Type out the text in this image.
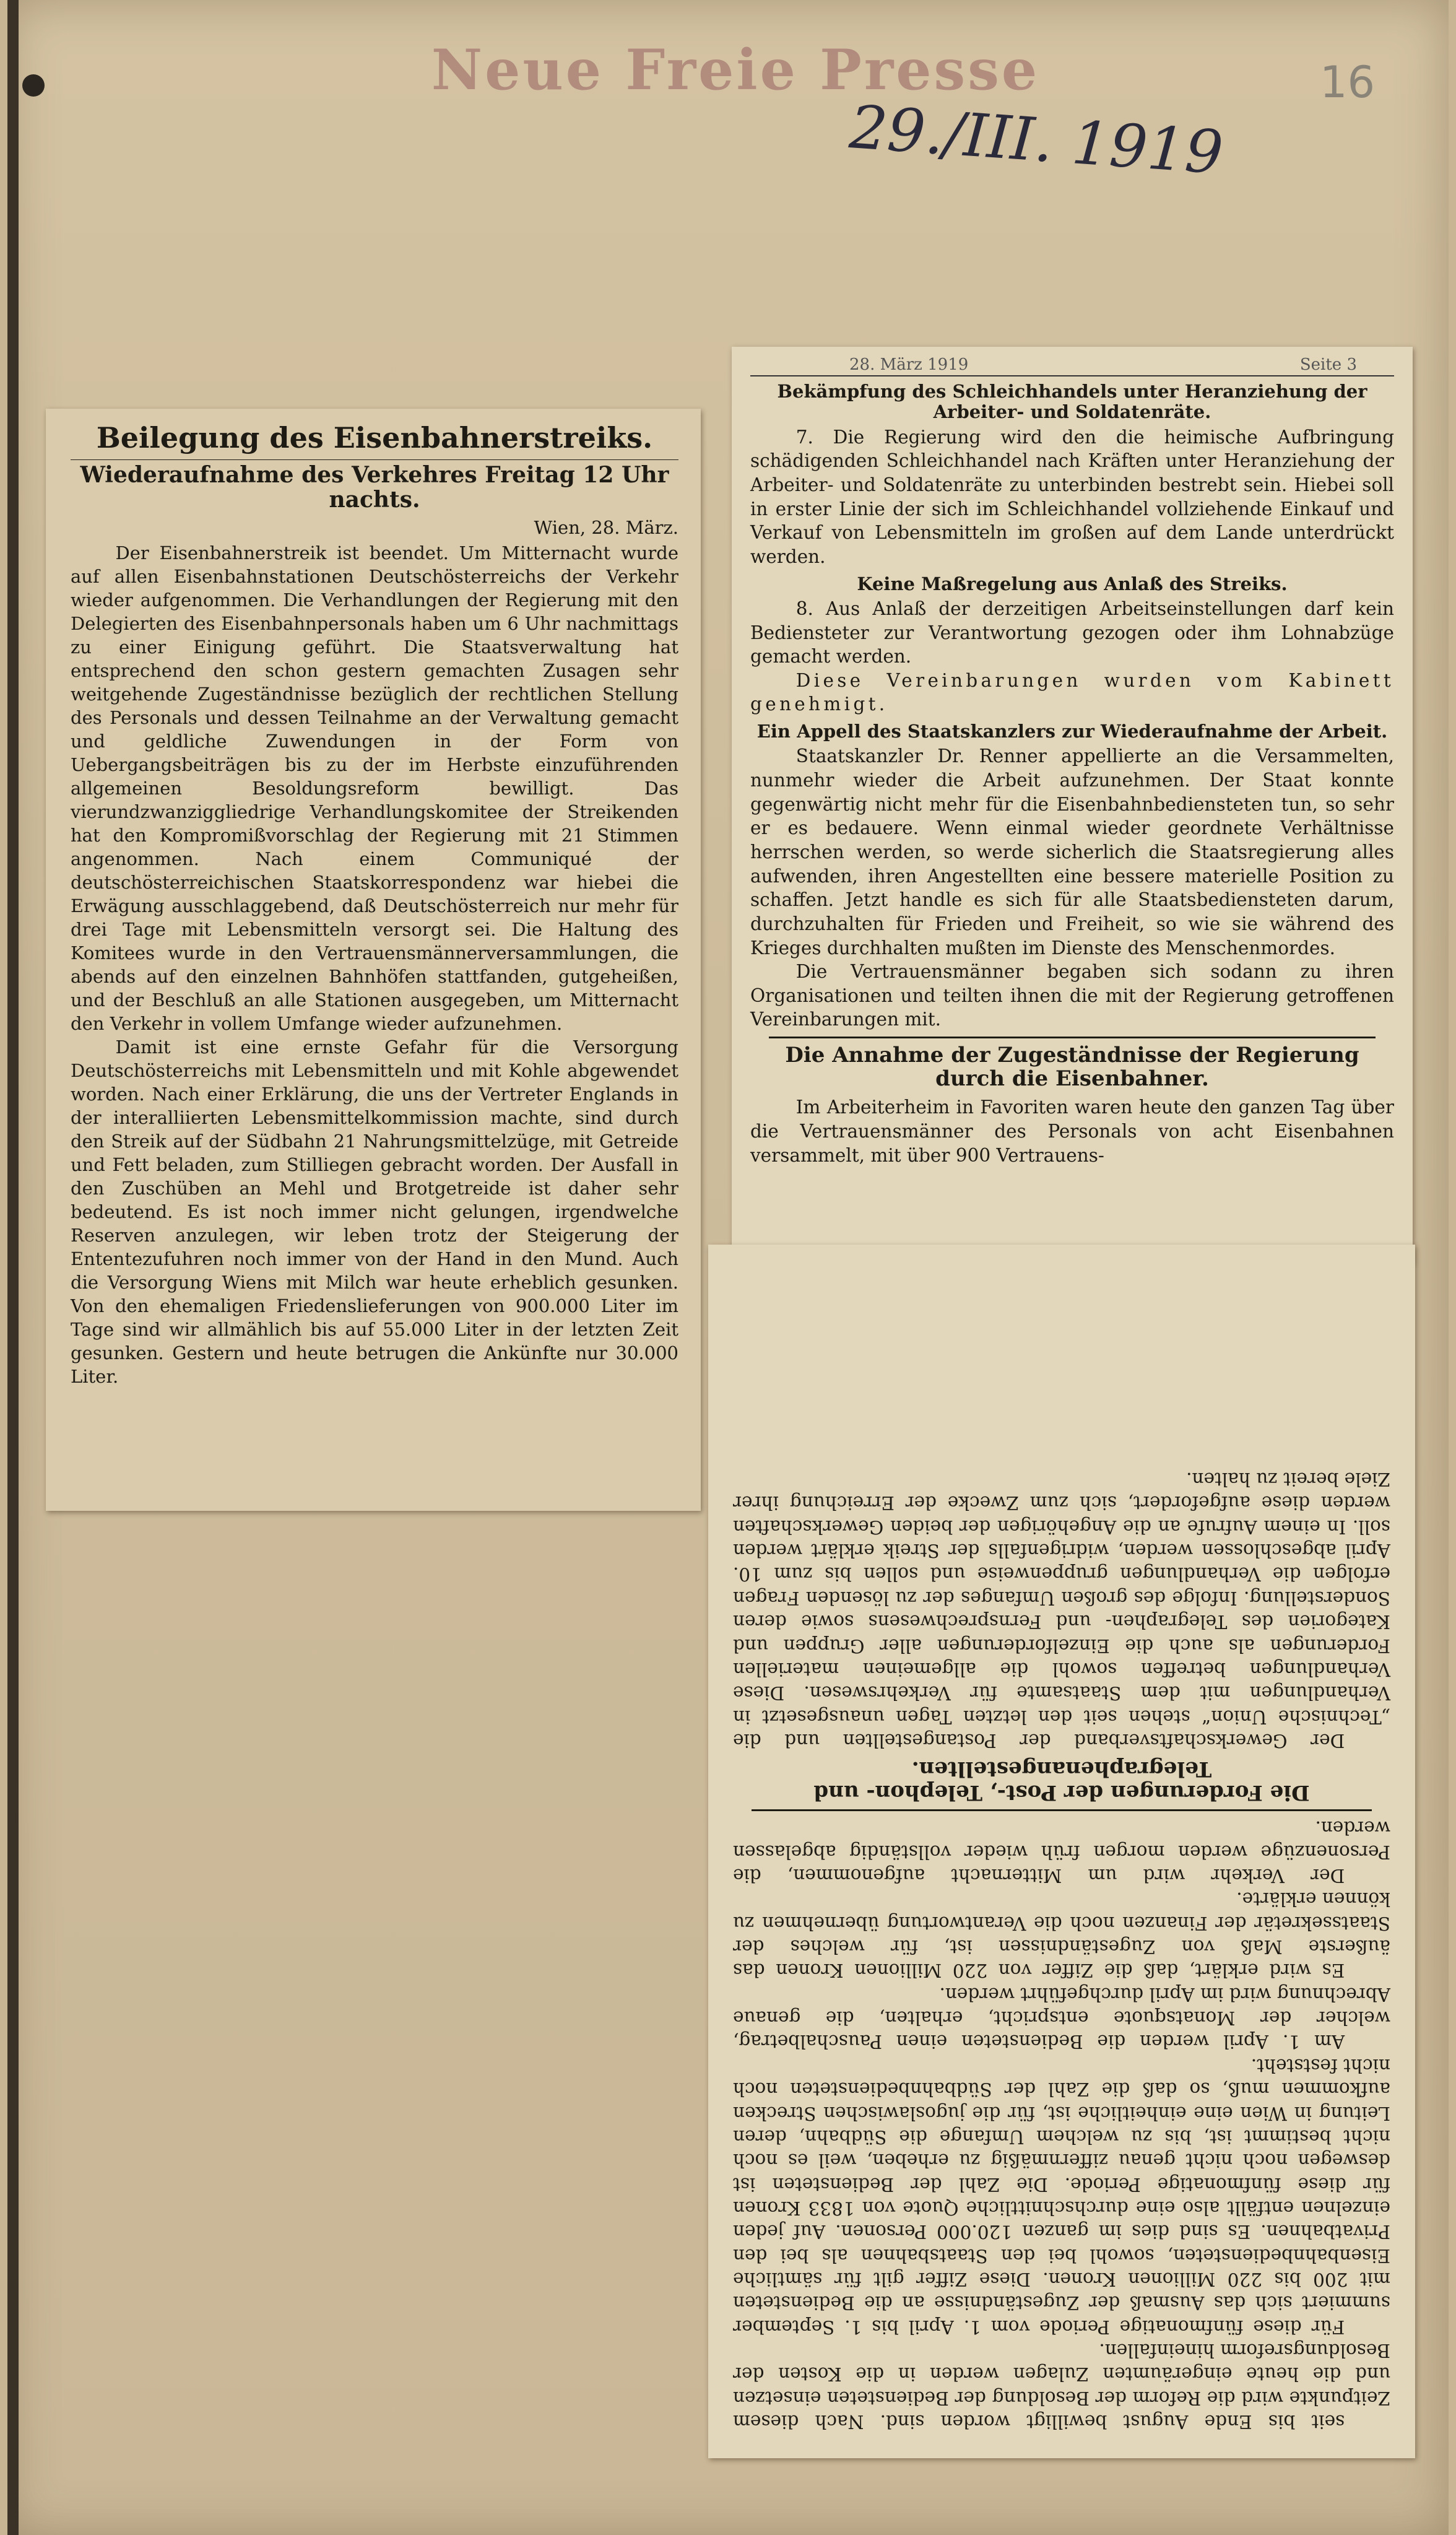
Neue Freie Presse	16
29./III. 1919
Beilegung des Eisenbahnerstreiks.
Wiederaufnahme des Verkehres Freitag 12 Uhr nachts.
Wien, 28. März.

Der Eisenbahnerstreik ist beendet. Um Mitternacht wurde auf allen Eisenbahnstationen Deutschösterreichs der Verkehr wieder aufgenommen. Die Verhandlungen der Regierung mit den Delegierten des Eisenbahnpersonals haben um 6 Uhr nachmittags zu einer Einigung geführt. Die Staatsverwaltung hat entsprechend den schon gestern gemachten Zusagen sehr weitgehende Zugeständnisse bezüglich der rechtlichen Stellung des Personals und dessen Teilnahme an der Verwaltung gemacht und geldliche Zuwendungen in der Form von Uebergangsbeiträgen bis zu der im Herbste einzuführenden allgemeinen Besoldungsreform bewilligt. Das vierundzwanziggliedrige Verhandlungskomitee der Streikenden hat den Kompromißvorschlag der Regierung mit 21 Stimmen angenommen. Nach einem Communiqué der deutschösterreichischen Staatskorrespondenz war hiebei die Erwägung ausschlaggebend, daß Deutschösterreich nur mehr für drei Tage mit Lebensmitteln versorgt sei. Die Haltung des Komitees wurde in den Vertrauensmännerversammlungen, die abends auf den einzelnen Bahnhöfen stattfanden, gutgeheißen, und der Beschluß an alle Stationen ausgegeben, um Mitternacht den Verkehr in vollem Umfange wieder aufzunehmen.

Damit ist eine ernste Gefahr für die Versorgung Deutschösterreichs mit Lebensmitteln und mit Kohle abgewendet worden. Nach einer Erklärung, die uns der Vertreter Englands in der interalliierten Lebensmittelkommission machte, sind durch den Streik auf der Südbahn 21 Nahrungsmittelzüge, mit Getreide und Fett beladen, zum Stilliegen gebracht worden. Der Ausfall in den Zuschüben an Mehl und Brotgetreide ist daher sehr bedeutend. Es ist noch immer nicht gelungen, irgendwelche Reserven anzulegen, wir leben trotz der Steigerung der Ententezufuhren noch immer von der Hand in den Mund. Auch die Versorgung Wiens mit Milch war heute erheblich gesunken. Von den ehemaligen Friedenslieferungen von 900.000 Liter im Tage sind wir allmählich bis auf 55.000 Liter in der letzten Zeit gesunken. Gestern und heute betrugen die Ankünfte nur 30.000 Liter.

28. März 1919	Seite 3
Bekämpfung des Schleichhandels unter Heranziehung der Arbeiter- und Soldatenräte.

7. Die Regierung wird den die heimische Aufbringung schädigenden Schleichhandel nach Kräften unter Heranziehung der Arbeiter- und Soldatenräte zu unterbinden bestrebt sein. Hiebei soll in erster Linie der sich im Schleichhandel vollziehende Einkauf und Verkauf von Lebensmitteln im großen auf dem Lande unterdrückt werden.

Keine Maßregelung aus Anlaß des Streiks.

8. Aus Anlaß der derzeitigen Arbeitseinstellungen darf kein Bediensteter zur Verantwortung gezogen oder ihm Lohnabzüge gemacht werden.

Diese Vereinbarungen wurden vom Kabinett genehmigt.

Ein Appell des Staatskanzlers zur Wiederaufnahme der Arbeit.

Staatskanzler Dr. Renner appellierte an die Versammelten, nunmehr wieder die Arbeit aufzunehmen. Der Staat konnte gegenwärtig nicht mehr für die Eisenbahnbediensteten tun, so sehr er es bedauere. Wenn einmal wieder geordnete Verhältnisse herrschen werden, so werde sicherlich die Staatsregierung alles aufwenden, ihren Angestellten eine bessere materielle Position zu schaffen. Jetzt handle es sich für alle Staatsbediensteten darum, durchzuhalten für Frieden und Freiheit, so wie sie während des Krieges durchhalten mußten im Dienste des Menschenmordes.

Die Vertrauensmänner begaben sich sodann zu ihren Organisationen und teilten ihnen die mit der Regierung getroffenen Vereinbarungen mit.

Die Annahme der Zugeständnisse der Regierung durch die Eisenbahner.

Im Arbeiterheim in Favoriten waren heute den ganzen Tag über die Vertrauensmänner des Personals von acht Eisenbahnen versammelt, mit über 900 Vertrauens-

seit bis Ende August bewilligt worden sind. Nach diesem Zeitpunkte wird die Reform der Besoldung der Bediensteten einsetzen und die heute eingeräumten Zulagen werden in die Kosten der Besoldungsreform hineinfallen.

Für diese fünfmonatige Periode vom 1. April bis 1. September summiert sich das Ausmaß der Zugeständnisse an die Bediensteten mit 200 bis 220 Millionen Kronen. Diese Ziffer gilt für sämtliche Eisenbahnbediensteten, sowohl bei den Staatsbahnen als bei den Privatbahnen. Es sind dies im ganzen 120.000 Personen. Auf jeden einzelnen entfällt also eine durchschnittliche Quote von 1833 Kronen für diese fünfmonatige Periode. Die Zahl der Bediensteten ist deswegen noch nicht genau ziffernmäßig zu erheben, weil es noch nicht bestimmt ist, bis zu welchem Umfange die Südbahn, deren Leitung in Wien eine einheitliche ist, für die jugoslawischen Strecken aufkommen muß, so daß die Zahl der Südbahnbediensteten noch nicht feststeht.

Am 1. April werden die Bediensteten einen Pauschalbetrag, welcher der Monatsquote entspricht, erhalten, die genaue Abrechnung wird im April durchgeführt werden.

Es wird erklärt, daß die Ziffer von 220 Millionen Kronen das äußerste Maß von Zugeständnissen ist, für welches der Staatssekretär der Finanzen noch die Verantwortung übernehmen zu können erklärte.

Der Verkehr wird um Mitternacht aufgenommen, die Personenzüge werden morgen früh wieder vollständig abgelassen werden.

Die Forderungen der Post-, Telephon- und Telegraphenangestellten.

Der Gewerkschaftsverband der Postangestellten und die „Technische Union“ stehen seit den letzten Tagen unausgesetzt in Verhandlungen mit dem Staatsamte für Verkehrswesen. Diese Verhandlungen betreffen sowohl die allgemeinen materiellen Forderungen als auch die Einzelforderungen aller Gruppen und Kategorien des Telegraphen- und Fernsprechwesens sowie deren Sonderstellung. Infolge des großen Umfanges der zu lösenden Fragen erfolgen die Verhandlungen gruppenweise und sollen bis zum 10. April abgeschlossen werden, widrigenfalls der Streik erklärt werden soll. In einem Aufrufe an die Angehörigen der beiden Gewerkschaften werden diese aufgefordert, sich zum Zwecke der Erreichung ihrer Ziele bereit zu halten.
